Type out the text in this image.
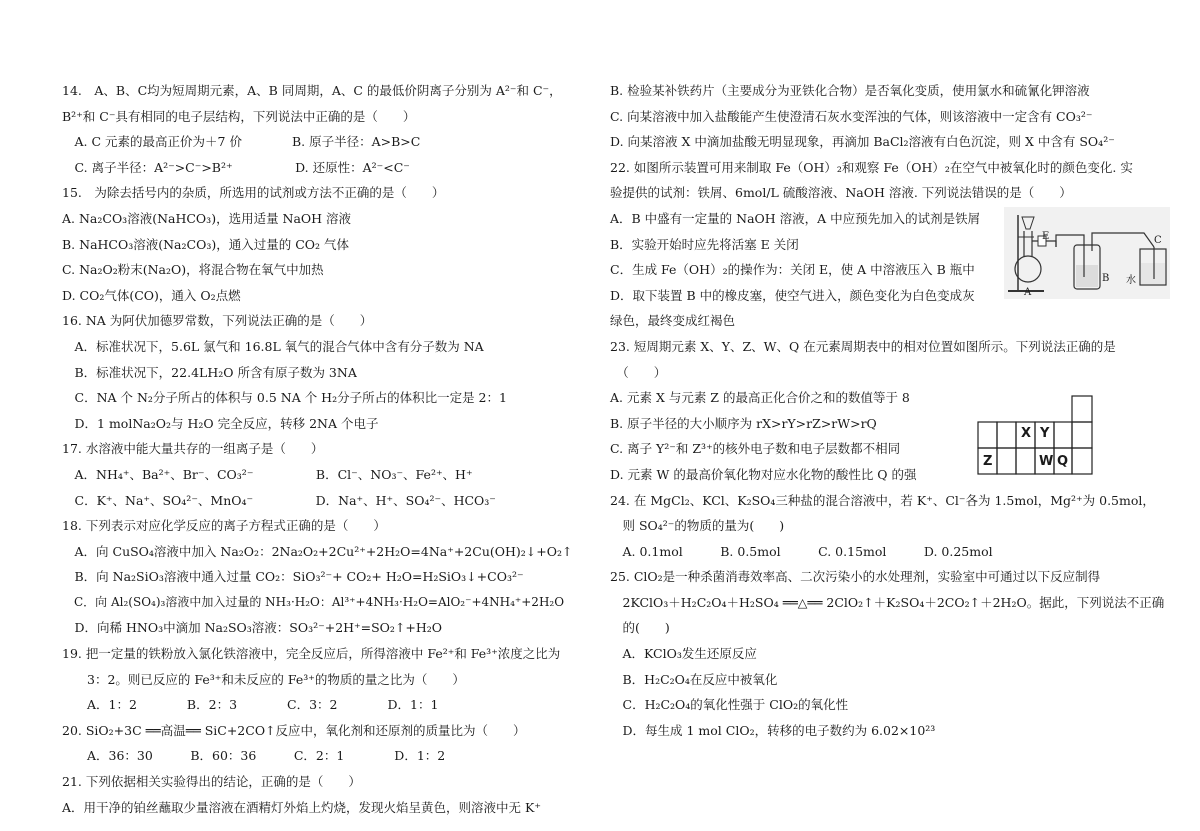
14.　A、B、C均为短周期元素，A、B 同周期，A、C 的最低价阴离子分别为 A²⁻和 C⁻，
B²⁺和 C⁻具有相同的电子层结构，下列说法中正确的是（　　）
　A. C 元素的最高正价为＋7 价　　　　B. 原子半径：A>B>C
　C. 离子半径：A²⁻>C⁻>B²⁺　　　　　D. 还原性：A²⁻<C⁻
15.　为除去括号内的杂质，所选用的试剂或方法不正确的是（　　）
A. Na₂CO₃溶液(NaHCO₃)，选用适量 NaOH 溶液
B. NaHCO₃溶液(Na₂CO₃)，通入过量的 CO₂ 气体
C. Na₂O₂粉末(Na₂O)，将混合物在氧气中加热
D. CO₂气体(CO)，通入 O₂点燃
16. NA 为阿伏加德罗常数，下列说法正确的是（　　）
　A．标准状况下，5.6L 氯气和 16.8L 氧气的混合气体中含有分子数为 NA
　B．标准状况下，22.4LH₂O 所含有原子数为 3NA
　C．NA 个 N₂分子所占的体积与 0.5 NA 个 H₂分子所占的体积比一定是 2：1
　D．1 molNa₂O₂与 H₂O 完全反应，转移 2NA 个电子
17. 水溶液中能大量共存的一组离子是（　　）
　A．NH₄⁺、Ba²⁺、Br⁻、CO₃²⁻　　　　　B．Cl⁻、NO₃⁻、Fe²⁺、H⁺
　C．K⁺、Na⁺、SO₄²⁻、MnO₄⁻　　　　　D．Na⁺、H⁺、SO₄²⁻、HCO₃⁻
18. 下列表示对应化学反应的离子方程式正确的是（　　）
　A．向 CuSO₄溶液中加入 Na₂O₂：2Na₂O₂+2Cu²⁺+2H₂O=4Na⁺+2Cu(OH)₂↓+O₂↑
　B．向 Na₂SiO₃溶液中通入过量 CO₂：SiO₃²⁻+ CO₂+ H₂O=H₂SiO₃↓+CO₃²⁻
　C．向 Al₂(SO₄)₃溶液中加入过量的 NH₃·H₂O：Al³⁺+4NH₃·H₂O=AlO₂⁻+4NH₄⁺+2H₂O
　D．向稀 HNO₃中滴加 Na₂SO₃溶液：SO₃²⁻+2H⁺=SO₂↑+H₂O
19. 把一定量的铁粉放入氯化铁溶液中，完全反应后，所得溶液中 Fe²⁺和 Fe³⁺浓度之比为
　　3：2。则已反应的 Fe³⁺和未反应的 Fe³⁺的物质的量之比为（　　）
　　A．1：2　　　　B．2：3　　　　C．3：2　　　　D．1：1
20. SiO₂+3C ══高温══ SiC+2CO↑反应中，氧化剂和还原剂的质量比为（　　）
　　A．36：30　　　B．60：36　　　C．2：1　　　　D．1：2
21. 下列依据相关实验得出的结论，正确的是（　　）
A．用干净的铂丝蘸取少量溶液在酒精灯外焰上灼烧，发现火焰呈黄色，则溶液中无 K⁺
B. 检验某补铁药片（主要成分为亚铁化合物）是否氧化变质，使用氯水和硫氰化钾溶液
C. 向某溶液中加入盐酸能产生使澄清石灰水变浑浊的气体，则该溶液中一定含有 CO₃²⁻
D. 向某溶液 X 中滴加盐酸无明显现象，再滴加 BaCl₂溶液有白色沉淀，则 X 中含有 SO₄²⁻
22. 如图所示装置可用来制取 Fe（OH）₂和观察 Fe（OH）₂在空气中被氧化时的颜色变化. 实
验提供的试剂：铁屑、6mol/L 硫酸溶液、NaOH 溶液. 下列说法错误的是（　　）
A．B 中盛有一定量的 NaOH 溶液，A 中应预先加入的试剂是铁屑
B．实验开始时应先将活塞 E 关闭
C．生成 Fe（OH）₂的操作为：关闭 E，使 A 中溶液压入 B 瓶中
D．取下装置 B 中的橡皮塞，使空气进入，颜色变化为白色变成灰
绿色，最终变成红褐色
23. 短周期元素 X、Y、Z、W、Q 在元素周期表中的相对位置如图所示。下列说法正确的是
　（　　）
A. 元素 X 与元素 Z 的最高正化合价之和的数值等于 8
B. 原子半径的大小顺序为 rX>rY>rZ>rW>rQ
C. 离子 Y²⁻和 Z³⁺的核外电子数和电子层数都不相同
D. 元素 W 的最高价氧化物对应水化物的酸性比 Q 的强
24. 在 MgCl₂、KCl、K₂SO₄三种盐的混合溶液中，若 K⁺、Cl⁻各为 1.5mol，Mg²⁺为 0.5mol，
　则 SO₄²⁻的物质的量为(　　)
　A. 0.1mol　　　B. 0.5mol　　　C. 0.15mol　　　D. 0.25mol
25. ClO₂是一种杀菌消毒效率高、二次污染小的水处理剂，实验室中可通过以下反应制得
　2KClO₃＋H₂C₂O₄＋H₂SO₄ ══△══ 2ClO₂↑＋K₂SO₄＋2CO₂↑＋2H₂O。据此，下列说法不正确
　的(　　)
　A．KClO₃发生还原反应
　B．H₂C₂O₄在反应中被氧化
　C．H₂C₂O₄的氧化性强于 ClO₂的氧化性
　D．每生成 1 mol ClO₂，转移的电子数约为 6.02×10²³
E
A
B
C
水
X Y
Z	W Q
